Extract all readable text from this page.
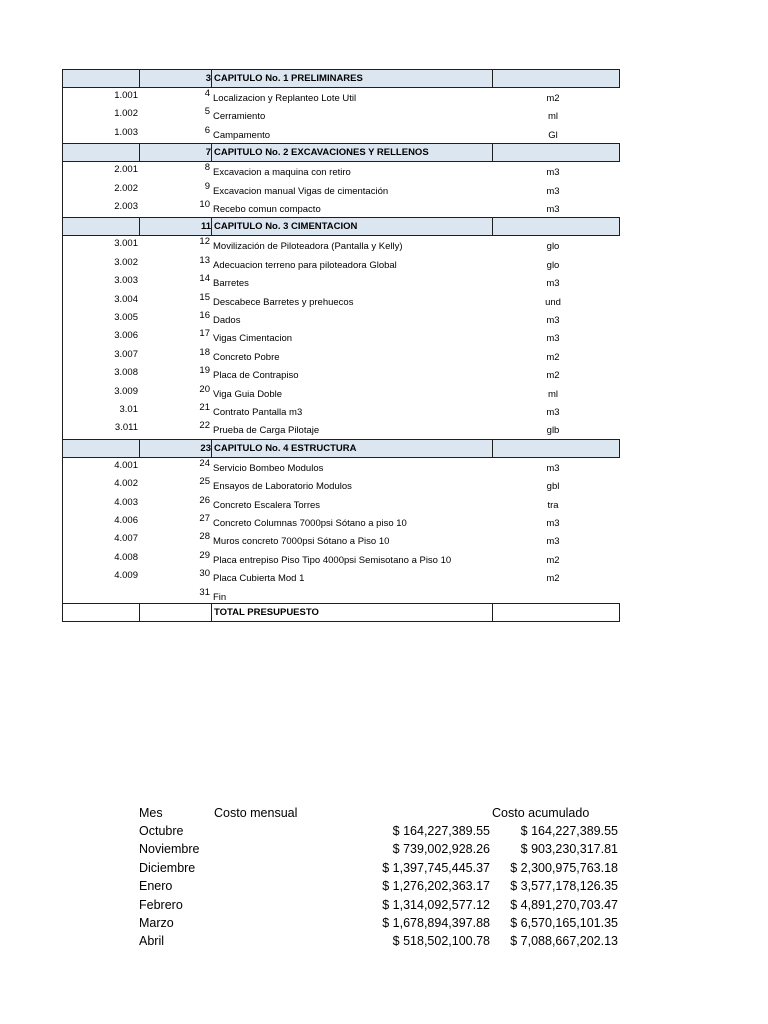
3 CAPITULO No. 1 PRELIMINARES
1.001	4 Localizacion y Replanteo Lote Util	m2
1.002	5 Cerramiento	ml
1.003	6 Campamento	Gl
7 CAPITULO No. 2 EXCAVACIONES Y RELLENOS
2.001	8 Excavacion a maquina con retiro	m3
2.002	9 Excavacion manual Vigas de cimentación	m3
2.003	10 Recebo comun compacto	m3
11 CAPITULO No. 3 CIMENTACION
3.001	12 Movilización de Piloteadora (Pantalla y Kelly)	glo
3.002	13 Adecuacion terreno para piloteadora Global	glo
3.003	14 Barretes	m3
3.004	15 Descabece Barretes y prehuecos	und
3.005	16 Dados	m3
3.006	17 Vigas Cimentacion	m3
3.007	18 Concreto Pobre	m2
3.008	19 Placa de Contrapiso	m2
3.009	20 Viga Guia Doble	ml
3.01	21 Contrato Pantalla m3	m3
3.011	22 Prueba de Carga Pilotaje	glb
23 CAPITULO No. 4 ESTRUCTURA
4.001	24 Servicio Bombeo Modulos	m3
4.002	25 Ensayos de Laboratorio Modulos	gbl
4.003	26 Concreto Escalera Torres	tra
4.006	27 Concreto Columnas 7000psi Sótano a piso 10	m3
4.007	28 Muros concreto 7000psi Sótano a Piso 10	m3
4.008	29 Placa entrepiso Piso Tipo 4000psi Semisotano a Piso 10	m2
4.009	30 Placa Cubierta Mod 1	m2
31 Fin
TOTAL PRESUPUESTO
Mes	Costo mensual	Costo acumulado
Octubre	$ 164,227,389.55 $ 164,227,389.55
Noviembre	$ 739,002,928.26 $ 903,230,317.81
Diciembre	$ 1,397,745,445.37 $ 2,300,975,763.18
Enero	$ 1,276,202,363.17 $ 3,577,178,126.35
Febrero	$ 1,314,092,577.12 $ 4,891,270,703.47
Marzo	$ 1,678,894,397.88 $ 6,570,165,101.35
Abril	$ 518,502,100.78 $ 7,088,667,202.13
